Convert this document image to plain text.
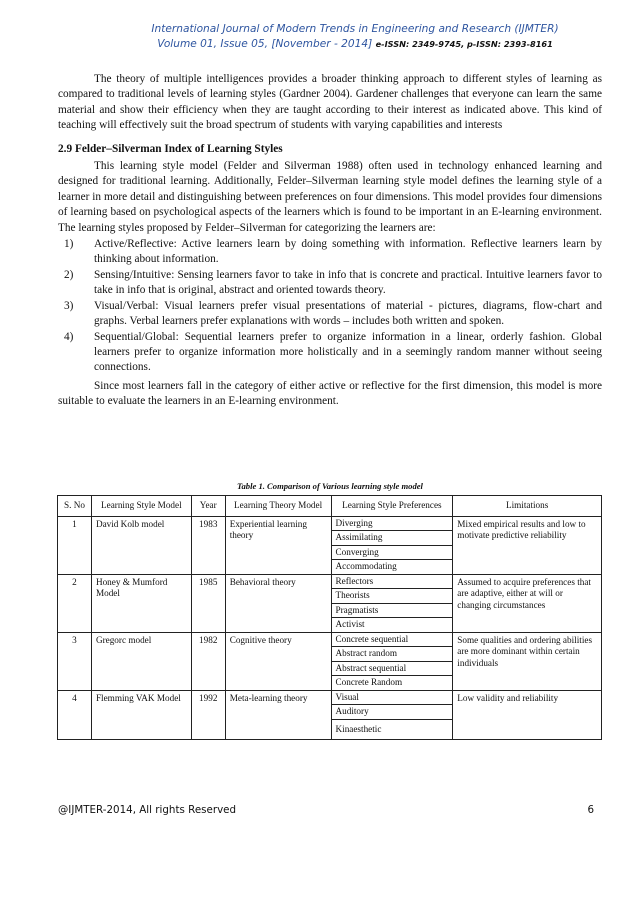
International Journal of Modern Trends in Engineering and Research (IJMTER)
Volume 01, Issue 05, [November - 2014] e-ISSN: 2349-9745, p-ISSN: 2393-8161

The theory of multiple intelligences provides a broader thinking approach to different styles of learning as compared to traditional levels of learning styles (Gardner 2004). Gardener challenges that everyone can learn the same material and show their efficiency when they are taught according to their interest as indicated above. This kind of teaching will effectively suit the broad spectrum of students with varying capabilities and interests

2.9 Felder–Silverman Index of Learning Styles

This learning style model (Felder and Silverman 1988) often used in technology enhanced learning and designed for traditional learning. Additionally, Felder–Silverman learning style model defines the learning style of a learner in more detail and distinguishing between preferences on four dimensions. This model provides four dimensions of learning based on psychological aspects of the learners which is found to be important in an E-learning environment. The learning styles proposed by Felder–Silverman for categorizing the learners are:

1) Active/Reflective: Active learners learn by doing something with information. Reflective learners learn by thinking about information.
2) Sensing/Intuitive: Sensing learners favor to take in info that is concrete and practical. Intuitive learners favor to take in info that is original, abstract and oriented towards theory.
3) Visual/Verbal: Visual learners prefer visual presentations of material - pictures, diagrams, flow-chart and graphs. Verbal learners prefer explanations with words – includes both written and spoken.
4) Sequential/Global: Sequential learners prefer to organize information in a linear, orderly fashion. Global learners prefer to organize information more holistically and in a seemingly random manner without seeing connections.

Since most learners fall in the category of either active or reflective for the first dimension, this model is more suitable to evaluate the learners in an E-learning environment.

Table 1. Comparison of Various learning style model
S. No	Learning Style Model	Year	Learning Theory Model	Learning Style Preferences	Limitations
1	David Kolb model	1983	Experiential learning theory	Diverging	Mixed empirical results and low to motivate predictive reliability
				Assimilating	
				Converging	
				Accommodating	
2	Honey & Mumford Model	1985	Behavioral theory	Reflectors	Assumed to acquire preferences that are adaptive, either at will or changing circumstances
				Theorists	
				Pragmatists	
				Activist	
3	Gregorc model	1982	Cognitive theory	Concrete sequential	Some qualities and ordering abilities are more dominant within certain individuals
				Abstract random	
				Abstract sequential	
				Concrete Random	
4	Flemming VAK Model	1992	Meta-learning theory	Visual	Low validity and reliability
				Auditory	
				Kinaesthetic	
@IJMTER-2014, All rights Reserved	6
